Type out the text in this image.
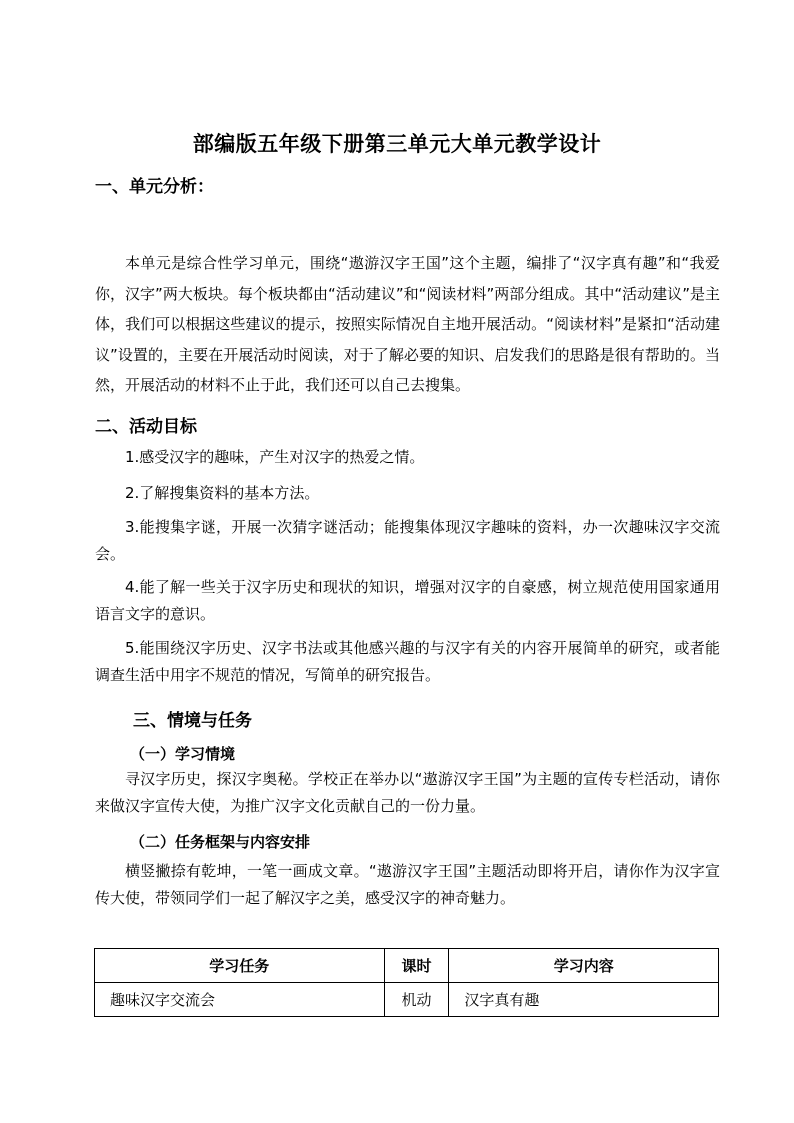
部编版五年级下册第三单元大单元教学设计
一、单元分析：

本单元是综合性学习单元，围绕“遨游汉字王国”这个主题，编排了“汉字真有趣”和“我爱你，汉字”两大板块。每个板块都由“活动建议”和“阅读材料”两部分组成。其中“活动建议”是主体，我们可以根据这些建议的提示，按照实际情况自主地开展活动。“阅读材料”是紧扣“活动建议”设置的，主要在开展活动时阅读，对于了解必要的知识、启发我们的思路是很有帮助的。当然，开展活动的材料不止于此，我们还可以自己去搜集。

二、活动目标

1.感受汉字的趣味，产生对汉字的热爱之情。

2.了解搜集资料的基本方法。

3.能搜集字谜，开展一次猜字谜活动；能搜集体现汉字趣味的资料，办一次趣味汉字交流会。

4.能了解一些关于汉字历史和现状的知识，增强对汉字的自豪感，树立规范使用国家通用语言文字的意识。

5.能围绕汉字历史、汉字书法或其他感兴趣的与汉字有关的内容开展简单的研究，或者能调查生活中用字不规范的情况，写简单的研究报告。

三、情境与任务
（一）学习情境

寻汉字历史，探汉字奥秘。学校正在举办以“遨游汉字王国”为主题的宣传专栏活动，请你来做汉字宣传大使，为推广汉字文化贡献自己的一份力量。

（二）任务框架与内容安排

横竖撇捺有乾坤，一笔一画成文章。“遨游汉字王国”主题活动即将开启，请你作为汉字宣传大使，带领同学们一起了解汉字之美，感受汉字的神奇魅力。

学习任务	课时	学习内容
趣味汉字交流会	机动	汉字真有趣
